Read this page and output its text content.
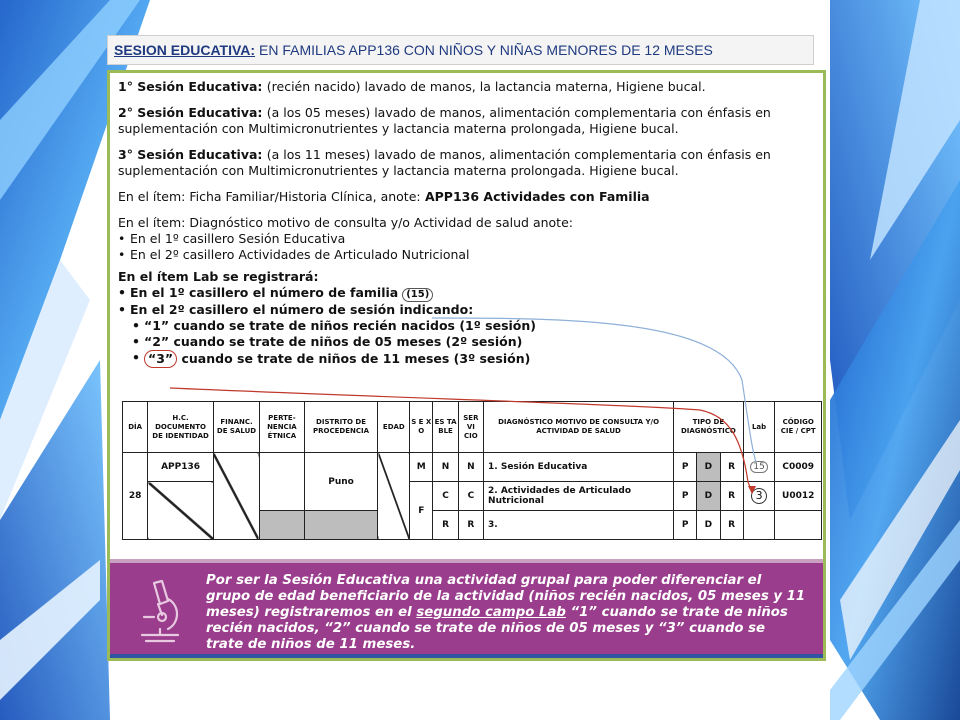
SESION EDUCATIVA: EN FAMILIAS APP136 CON NIÑOS Y NIÑAS MENORES DE 12 MESES

1° Sesión Educativa: (recién nacido) lavado de manos, la lactancia materna, Higiene bucal.

2° Sesión Educativa: (a los 05 meses) lavado de manos, alimentación complementaria con énfasis en suplementación con Multimicronutrientes y lactancia materna prolongada, Higiene bucal.

3° Sesión Educativa: (a los 11 meses) lavado de manos, alimentación complementaria con énfasis en suplementación con Multimicronutrientes y lactancia materna prolongada. Higiene bucal.

En el ítem: Ficha Familiar/Historia Clínica, anote: APP136 Actividades con Familia

En el ítem: Diagnóstico motivo de consulta y/o Actividad de salud anote:
• En el 1º casillero Sesión Educativa
• En el 2º casillero Actividades de Articulado Nutricional
En el ítem Lab se registrará:
• En el 1º casillero el número de familia (15)
• En el 2º casillero el número de sesión indicando:
• “1” cuando se trate de niños recién nacidos (1º sesión)
• “2” cuando se trate de niños de 05 meses (2º sesión)
• “3” cuando se trate de niños de 11 meses (3º sesión)
DÍA	H.C. DOCUMENTO DE IDENTIDAD	FINANC. DE SALUD	PERTE-NENCIA ÉTNICA	DISTRITO DE PROCEDENCIA	EDAD	S E X O	ES TA BLE	SER VI CIO	DIAGNÓSTICO MOTIVO DE CONSULTA Y/O ACTIVIDAD DE SALUD	TIPO DE DIAGNÓSTICO			Lab	CÓDIGO CIE / CPT
28	APP136			Puno		M	N	N	1. Sesión Educativa	P	D	R	15	C0009
						F	C	C	2. Actividades de Articulado Nutricional	P	D	R	3	U0012
							R	R	3.	P	D	R		
Por ser la Sesión Educativa una actividad grupal para poder diferenciar el grupo de edad beneficiario de la actividad (niños recién nacidos, 05 meses y 11 meses) registraremos en el segundo campo Lab “1” cuando se trate de niños recién nacidos, “2” cuando se trate de niños de 05 meses y “3” cuando se trate de niños de 11 meses.
